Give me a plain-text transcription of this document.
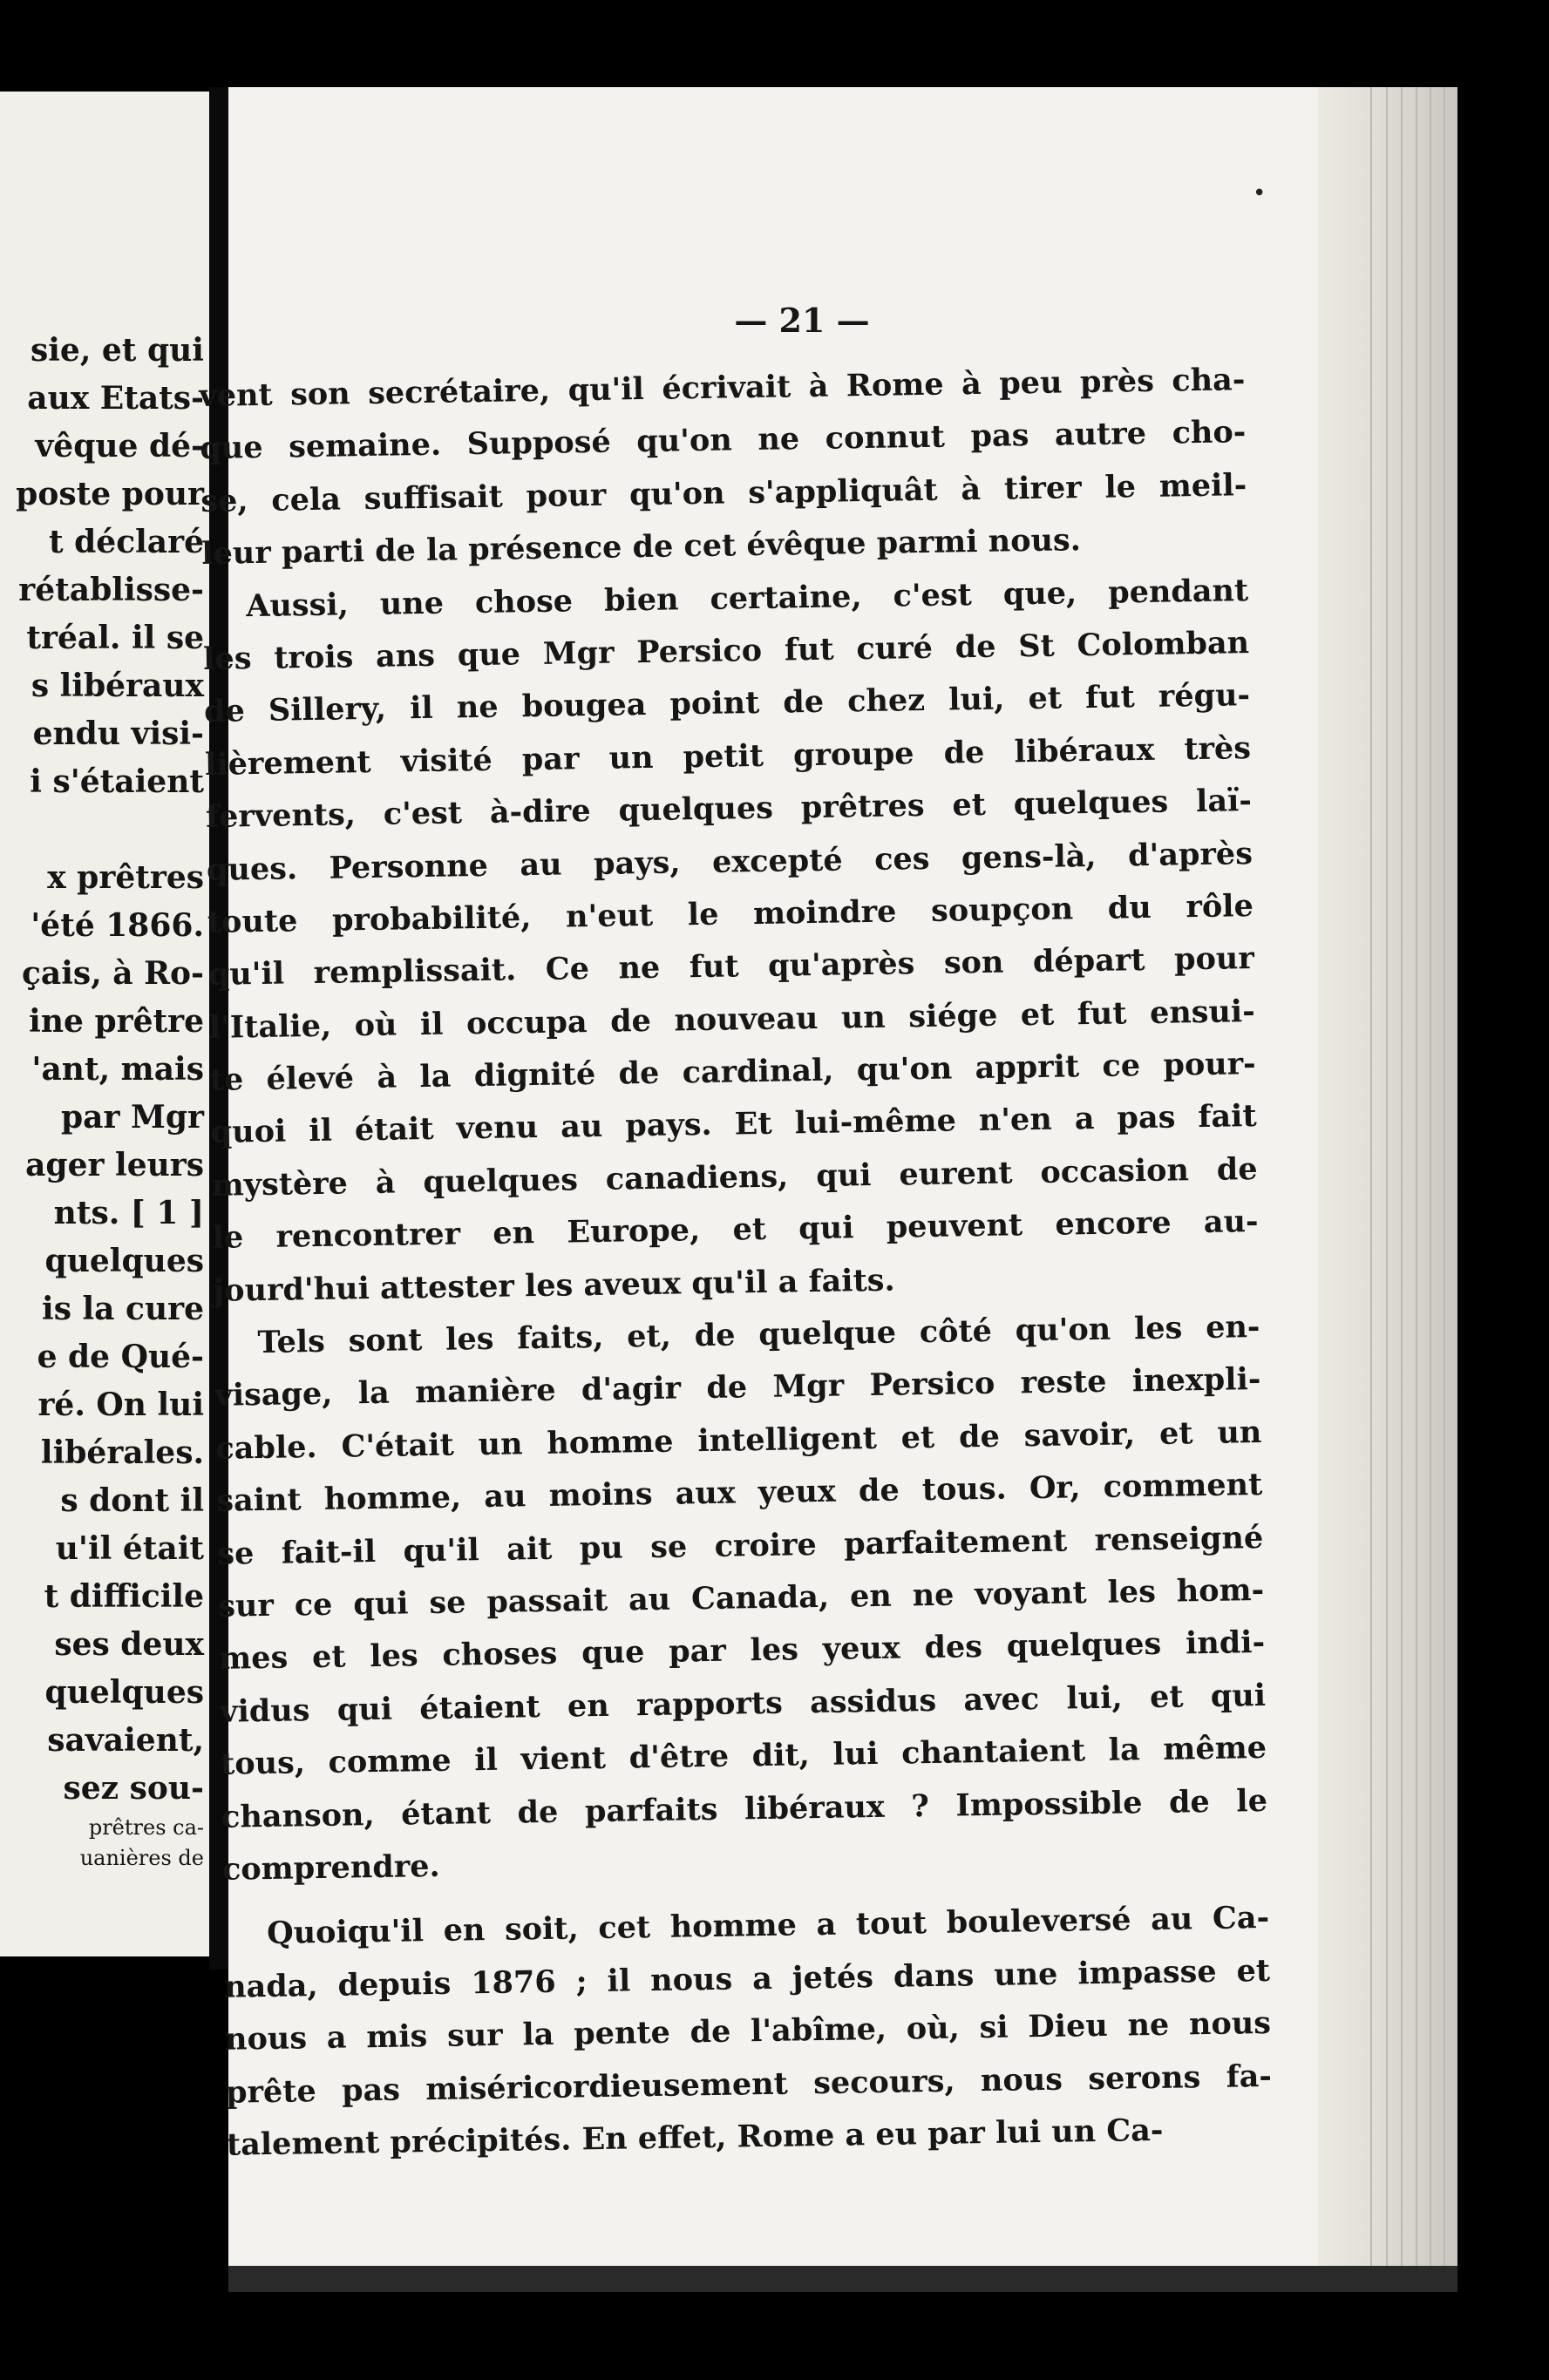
sie, et qui
aux Etats-
vêque dé-
poste pour
t déclaré
rétablisse-
tréal. il se
s libéraux
endu visi-
i s'étaient
x prêtres
'été 1866.
çais, à Ro-
ine prêtre
'ant, mais
par Mgr
ager leurs
nts. [ 1 ]
quelques
is la cure
e de Qué-
ré. On lui
libérales.
s dont il
u'il était
t difficile
ses deux
quelques
savaient,
sez sou-
prêtres ca-
uanières de
•
— 21 —
vent son secrétaire, qu'il écrivait à Rome à peu près cha-
que semaine. Supposé qu'on ne connut pas autre cho-
se, cela suffisait pour qu'on s'appliquât à tirer le meil-
leur parti de la présence de cet évêque parmi nous.
Aussi, une chose bien certaine, c'est que, pendant
les trois ans que Mgr Persico fut curé de St Colomban
de Sillery, il ne bougea point de chez lui, et fut régu-
lièrement visité par un petit groupe de libéraux très
fervents, c'est à-dire quelques prêtres et quelques laï-
ques. Personne au pays, excepté ces gens-là, d'après
toute probabilité, n'eut le moindre soupçon du rôle
qu'il remplissait. Ce ne fut qu'après son départ pour
l'Italie, où il occupa de nouveau un siége et fut ensui-
te élevé à la dignité de cardinal, qu'on apprit ce pour-
quoi il était venu au pays. Et lui-même n'en a pas fait
mystère à quelques canadiens, qui eurent occasion de
le rencontrer en Europe, et qui peuvent encore au-
jourd'hui attester les aveux qu'il a faits.
Tels sont les faits, et, de quelque côté qu'on les en-
visage, la manière d'agir de Mgr Persico reste inexpli-
cable. C'était un homme intelligent et de savoir, et un
saint homme, au moins aux yeux de tous. Or, comment
se fait-il qu'il ait pu se croire parfaitement renseigné
sur ce qui se passait au Canada, en ne voyant les hom-
mes et les choses que par les yeux des quelques indi-
vidus qui étaient en rapports assidus avec lui, et qui
tous, comme il vient d'être dit, lui chantaient la même
chanson, étant de parfaits libéraux ? Impossible de le
comprendre.
Quoiqu'il en soit, cet homme a tout bouleversé au Ca-
nada, depuis 1876 ; il nous a jetés dans une impasse et
nous a mis sur la pente de l'abîme, où, si Dieu ne nous
prête pas miséricordieusement secours, nous serons fa-
talement précipités. En effet, Rome a eu par lui un Ca-
